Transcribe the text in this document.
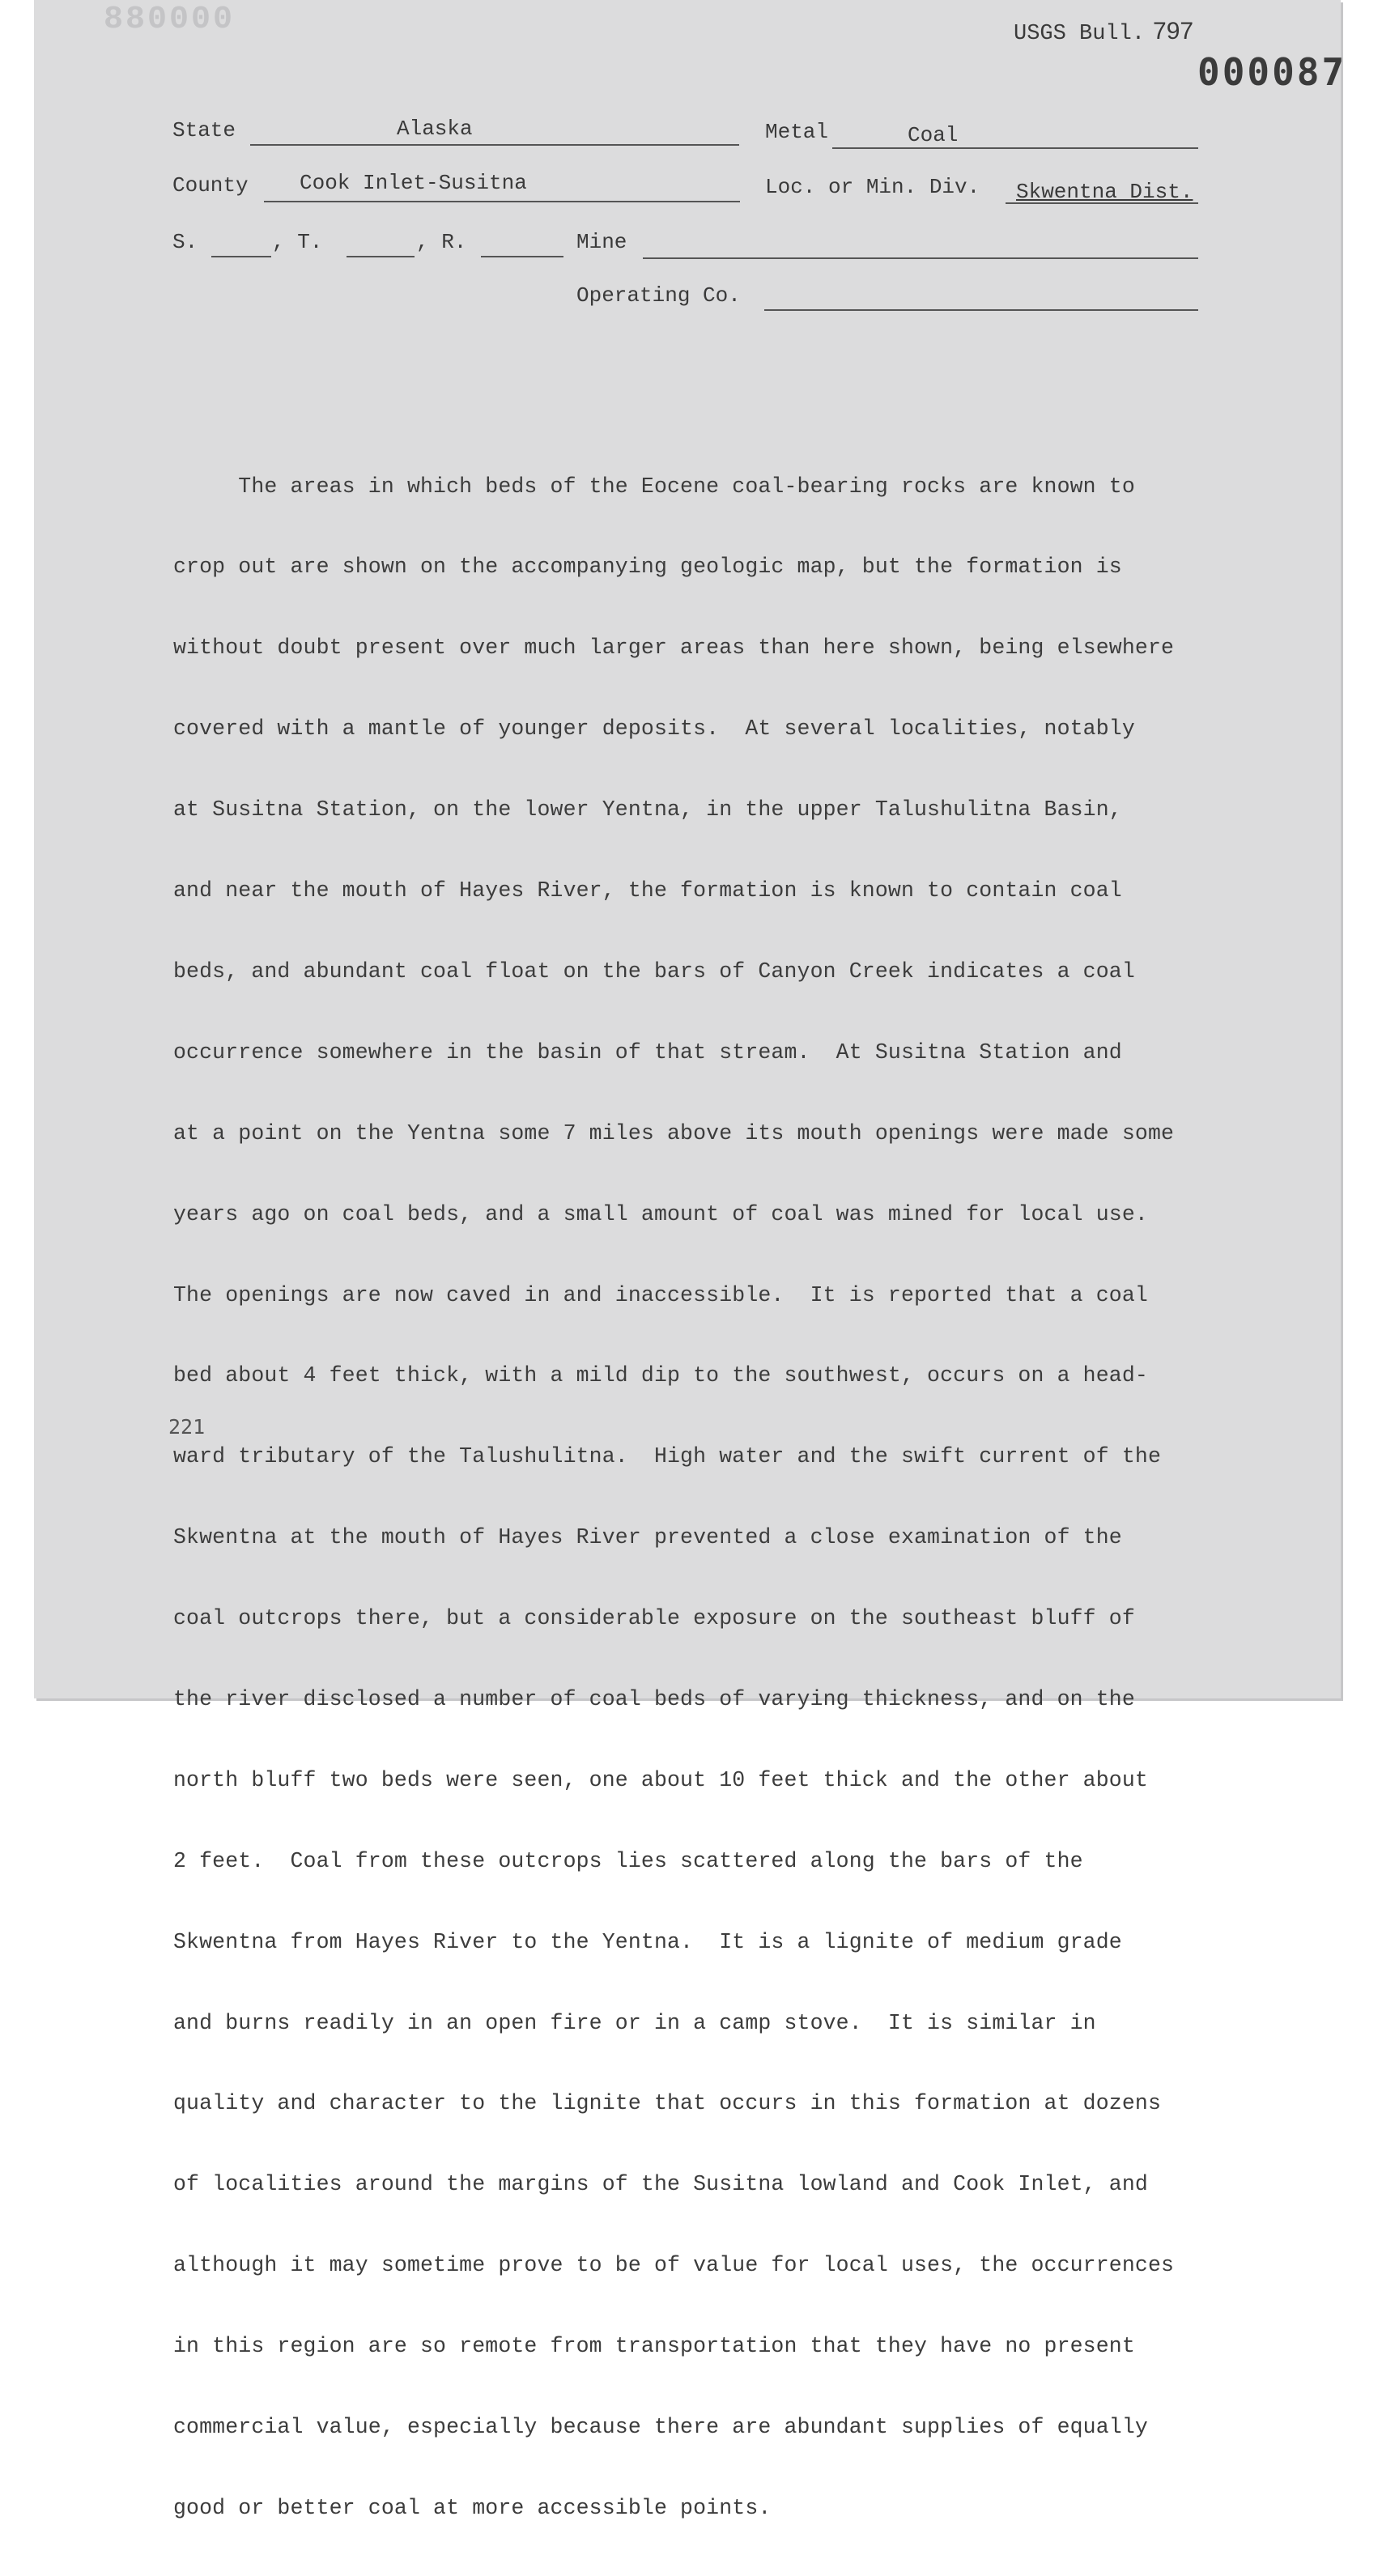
880000	USGS Bull. 797
000087
State	Alaska	Metal	Coal
County Cook Inlet-Susitna	Loc. or Min. Div. Skwentna Dist.
S.	, T.	, R.	Mine
Operating Co.

The areas in which beds of the Eocene coal-bearing rocks are known to

crop out are shown on the accompanying geologic map, but the formation is

without doubt present over much larger areas than here shown, being elsewhere

covered with a mantle of younger deposits.  At several localities, notably

at Susitna Station, on the lower Yentna, in the upper Talushulitna Basin,

and near the mouth of Hayes River, the formation is known to contain coal

beds, and abundant coal float on the bars of Canyon Creek indicates a coal

occurrence somewhere in the basin of that stream.  At Susitna Station and

at a point on the Yentna some 7 miles above its mouth openings were made some

years ago on coal beds, and a small amount of coal was mined for local use.

The openings are now caved in and inaccessible.  It is reported that a coal

bed about 4 feet thick, with a mild dip to the southwest, occurs on a head-

ward tributary of the Talushulitna.  High water and the swift current of the

Skwentna at the mouth of Hayes River prevented a close examination of the

coal outcrops there, but a considerable exposure on the southeast bluff of

the river disclosed a number of coal beds of varying thickness, and on the

north bluff two beds were seen, one about 10 feet thick and the other about

2 feet.  Coal from these outcrops lies scattered along the bars of the

Skwentna from Hayes River to the Yentna.  It is a lignite of medium grade

and burns readily in an open fire or in a camp stove.  It is similar in

quality and character to the lignite that occurs in this formation at dozens

of localities around the margins of the Susitna lowland and Cook Inlet, and

although it may sometime prove to be of value for local uses, the occurrences

in this region are so remote from transportation that they have no present

commercial value, especially because there are abundant supplies of equally

good or better coal at more accessible points.

221
